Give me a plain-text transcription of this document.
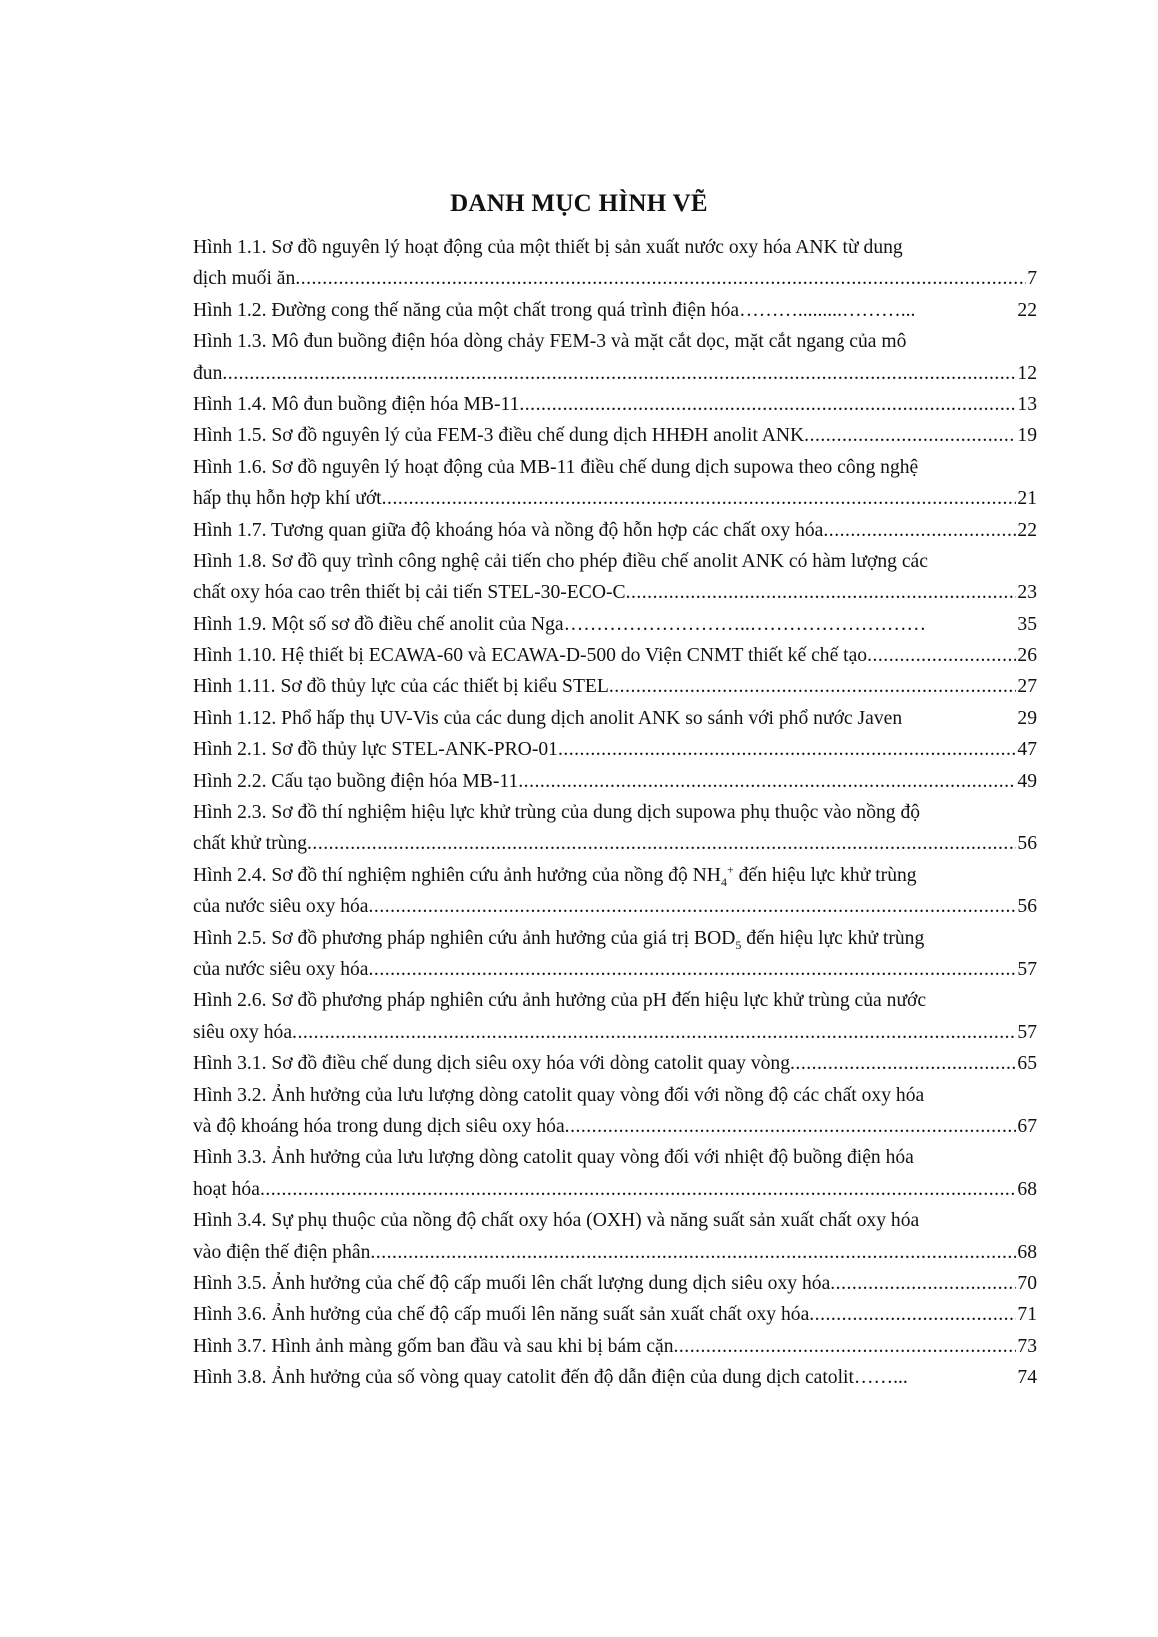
DANH MỤC HÌNH VẼ
Hình 1.1. Sơ đồ nguyên lý hoạt động của một thiết bị sản xuất nước oxy hóa ANK từ dung
dịch muối ăn .....	7
Hình 1.2. Đường cong thế năng của một chất trong quá trình điện hóa ……….........………...	22
Hình 1.3. Mô đun buồng điện hóa dòng chảy FEM-3 và mặt cắt dọc, mặt cắt ngang của mô
đun .....	12
Hình 1.4. Mô đun buồng điện hóa MB-11 .....	13
Hình 1.5. Sơ đồ nguyên lý của FEM-3 điều chế dung dịch HHĐH anolit ANK .....	19
Hình 1.6. Sơ đồ nguyên lý hoạt động của MB-11 điều chế dung dịch supowa theo công nghệ
hấp thụ hỗn hợp khí ướt .....	21
Hình 1.7. Tương quan giữa độ khoáng hóa và nồng độ hỗn hợp các chất oxy hóa .....	22
Hình 1.8. Sơ đồ quy trình công nghệ cải tiến cho phép điều chế anolit ANK có hàm lượng các
chất oxy hóa cao trên thiết bị cải tiến STEL-30-ECO-C .....	23
Hình 1.9. Một số sơ đồ điều chế anolit của Nga ………………………..………………………	35
Hình 1.10. Hệ thiết bị ECAWA-60 và ECAWA-D-500 do Viện CNMT thiết kế chế tạo .....	26
Hình 1.11. Sơ đồ thủy lực của các thiết bị kiểu STEL .....	27
Hình 1.12. Phổ hấp thụ UV-Vis của các dung dịch anolit ANK so sánh với phổ nước Javen	29
Hình 2.1. Sơ đồ thủy lực STEL-ANK-PRO-01 .....	47
Hình 2.2. Cấu tạo buồng điện hóa MB-11 .....	49
Hình 2.3. Sơ đồ thí nghiệm hiệu lực khử trùng của dung dịch supowa phụ thuộc vào nồng độ
chất khử trùng .....	56
Hình 2.4. Sơ đồ thí nghiệm nghiên cứu ảnh hưởng của nồng độ $NH_4^+$ đến hiệu lực khử trùng
của nước siêu oxy hóa .....	56
Hình 2.5. Sơ đồ phương pháp nghiên cứu ảnh hưởng của giá trị $BOD_5$ đến hiệu lực khử trùng
của nước siêu oxy hóa .....	57
Hình 2.6. Sơ đồ phương pháp nghiên cứu ảnh hưởng của pH đến hiệu lực khử trùng của nước
siêu oxy hóa .....	57
Hình 3.1. Sơ đồ điều chế dung dịch siêu oxy hóa với dòng catolit quay vòng .....	65
Hình 3.2. Ảnh hưởng của lưu lượng dòng catolit quay vòng đối với nồng độ các chất oxy hóa
và độ khoáng hóa trong dung dịch siêu oxy hóa .....	67
Hình 3.3. Ảnh hưởng của lưu lượng dòng catolit quay vòng đối với nhiệt độ buồng điện hóa
hoạt hóa .....	68
Hình 3.4. Sự phụ thuộc của nồng độ chất oxy hóa (OXH) và năng suất sản xuất chất oxy hóa
vào điện thế điện phân .....	68
Hình 3.5. Ảnh hưởng của chế độ cấp muối lên chất lượng dung dịch siêu oxy hóa .....	70
Hình 3.6. Ảnh hưởng của chế độ cấp muối lên năng suất sản xuất chất oxy hóa .....	71
Hình 3.7. Hình ảnh màng gốm ban đầu và sau khi bị bám cặn .....	73
Hình 3.8. Ảnh hưởng của số vòng quay catolit đến độ dẫn điện của dung dịch catolit ……...	74
